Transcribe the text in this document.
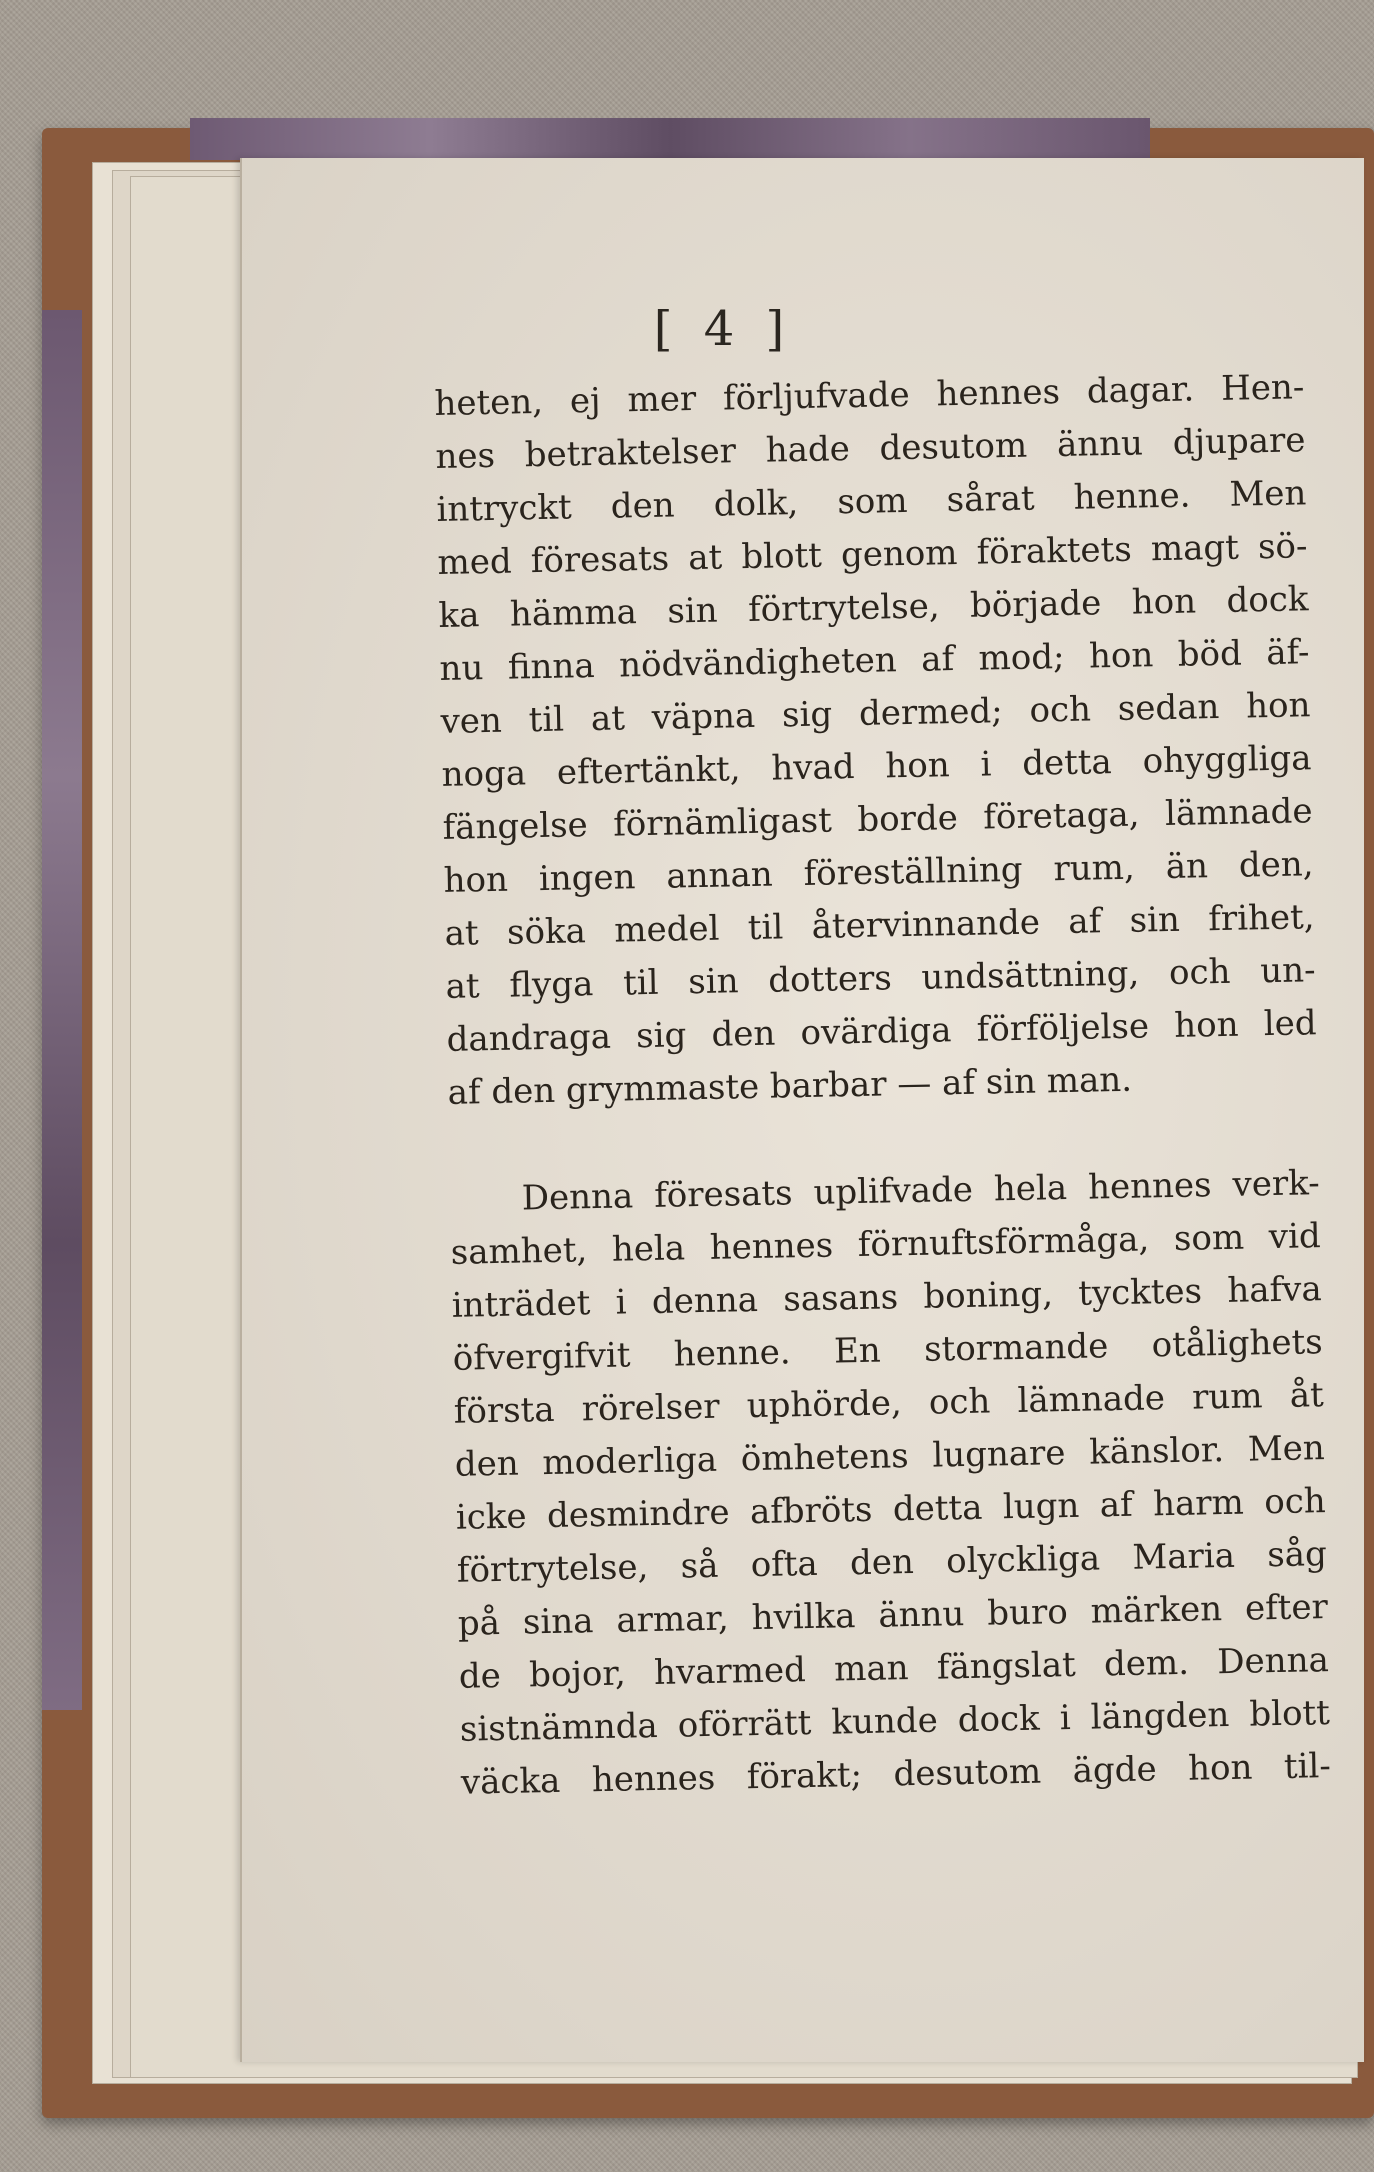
[ 4 ]
heten, ej mer förljufvade hennes dagar. Hen-
nes betraktelser hade desutom ännu djupare
intryckt den dolk, som sårat henne. Men
med föresats at blott genom föraktets magt sö-
ka hämma sin förtrytelse, började hon dock
nu finna nödvändigheten af mod; hon böd äf-
ven til at väpna sig dermed; och sedan hon
noga eftertänkt, hvad hon i detta ohyggliga
fängelse förnämligast borde företaga, lämnade
hon ingen annan föreställning rum, än den,
at söka medel til återvinnande af sin frihet,
at flyga til sin dotters undsättning, och un-
dandraga sig den ovärdiga förföljelse hon led
af den grymmaste barbar — af sin man.
Denna föresats uplifvade hela hennes verk-
samhet, hela hennes förnuftsförmåga, som vid
inträdet i denna sasans boning, tycktes hafva
öfvergifvit henne. En stormande otålighets
första rörelser uphörde, och lämnade rum åt
den moderliga ömhetens lugnare känslor. Men
icke desmindre afbröts detta lugn af harm och
förtrytelse, så ofta den olyckliga Maria såg
på sina armar, hvilka ännu buro märken efter
de bojor, hvarmed man fängslat dem. Denna
sistnämnda oförrätt kunde dock i längden blott
väcka hennes förakt; desutom ägde hon til-
